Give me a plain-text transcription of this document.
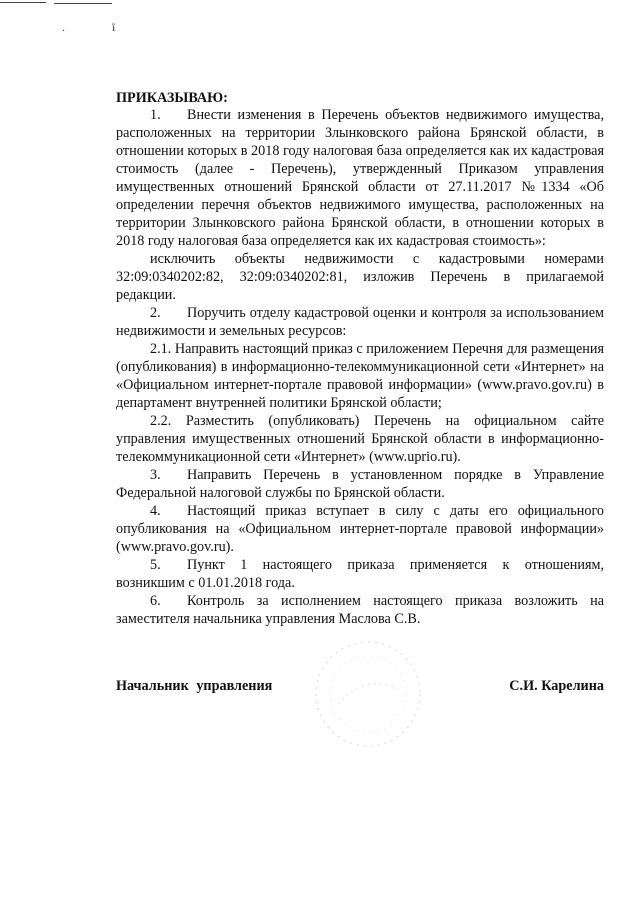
. ї
ПРИКАЗЫВАЮ:

1. Внести изменения в Перечень объектов недвижимого имущества, расположенных на территории Злынковского района Брянской области, в отношении которых в 2018 году налоговая база определяется как их кадастровая стоимость (далее - Перечень), утвержденный Приказом управления имущественных отношений Брянской области от 27.11.2017 №1334 «Об определении перечня объектов недвижимого имущества, расположенных на территории Злынковского района Брянской области, в отношении которых в 2018 году налоговая база определяется как их кадастровая стоимость»:

исключить объекты недвижимости с кадастровыми номерами 32:09:0340202:82, 32:09:0340202:81, изложив Перечень в прилагаемой редакции.

2. Поручить отделу кадастровой оценки и контроля за использованием недвижимости и земельных ресурсов:

2.1. Направить настоящий приказ с приложением Перечня для размещения (опубликования) в информационно-телекоммуникационной сети «Интернет» на «Официальном интернет-портале правовой информации» (www.pravo.gov.ru) в департамент внутренней политики Брянской области;

2.2. Разместить (опубликовать) Перечень на официальном сайте управления имущественных отношений Брянской области в информационно-телекоммуникационной сети «Интернет» (www.uprio.ru).

3. Направить Перечень в установленном порядке в Управление Федеральной налоговой службы по Брянской области.

4. Настоящий приказ вступает в силу с даты его официального опубликования на «Официальном интернет-портале правовой информации» (www.pravo.gov.ru).

5. Пункт 1 настоящего приказа применяется к отношениям, возникшим с 01.01.2018 года.

6. Контроль за исполнением настоящего приказа возложить на заместителя начальника управления Маслова С.В.

Начальник управления	С.И. Карелина
